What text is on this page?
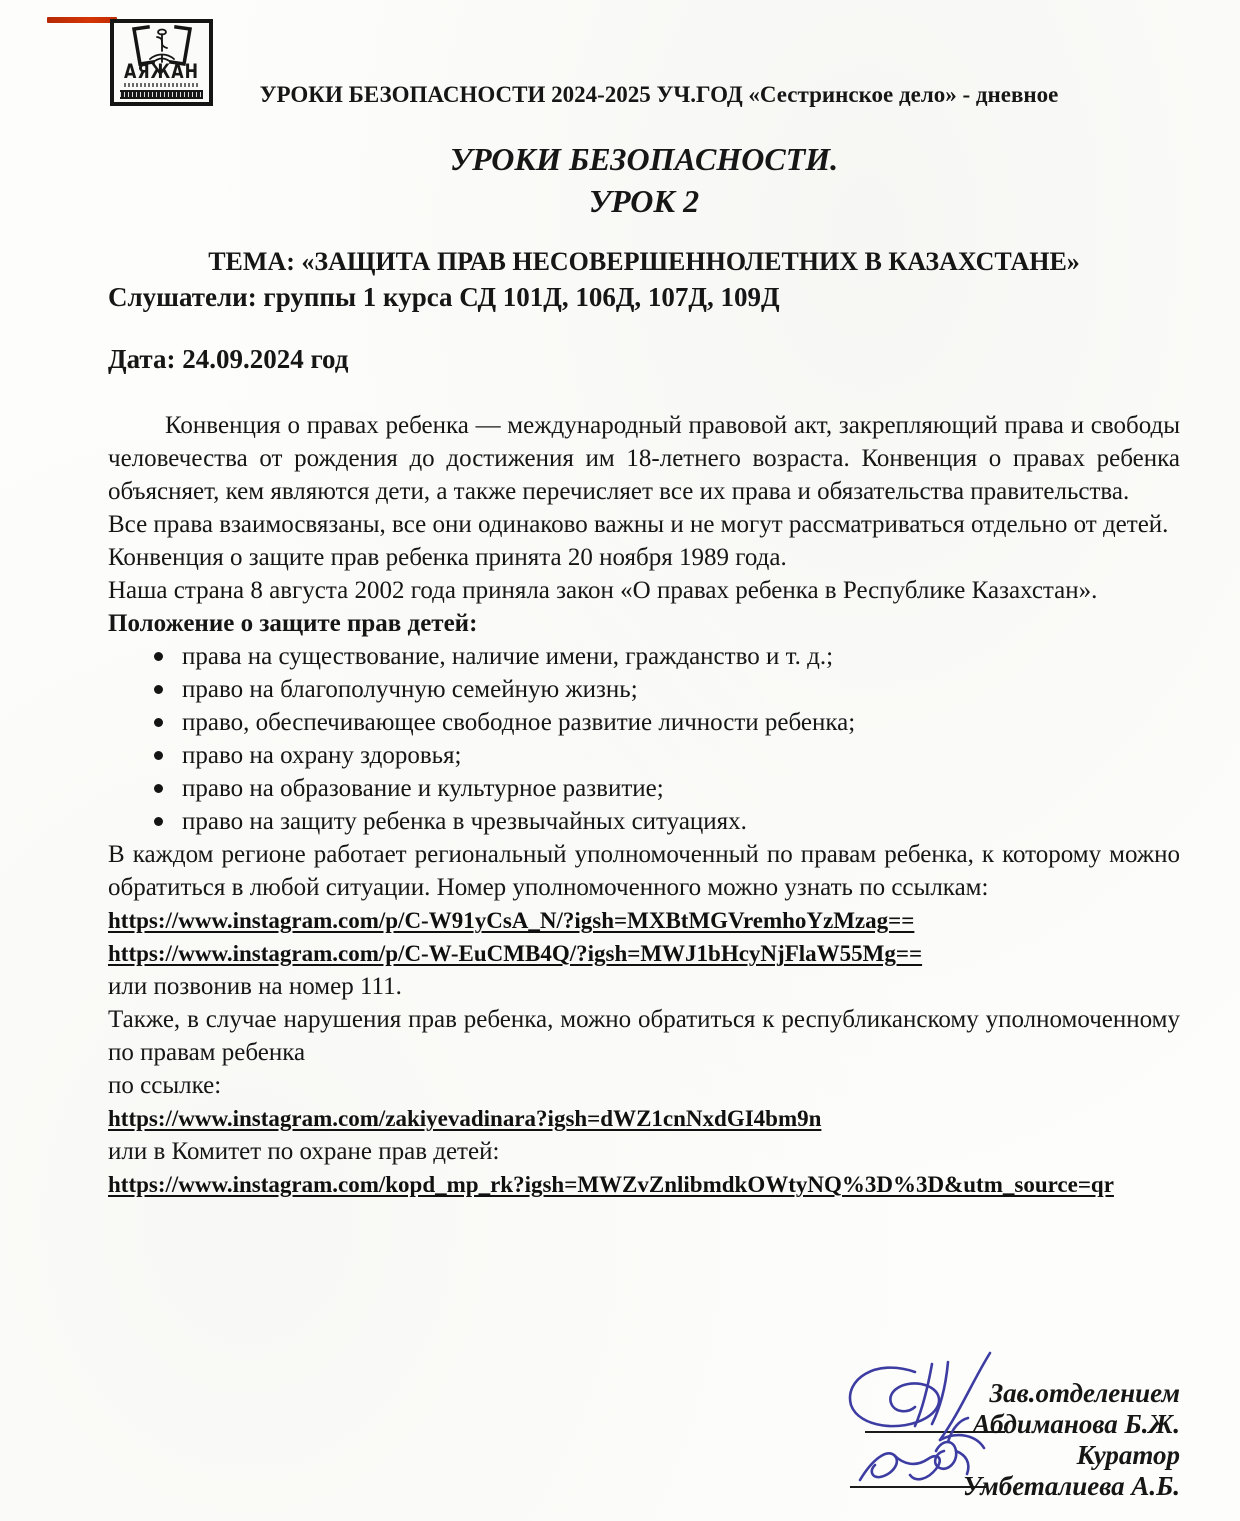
АЯЖАН
УРОКИ БЕЗОПАСНОСТИ 2024-2025 УЧ.ГОД «Сестринское дело» - дневное
УРОКИ БЕЗОПАСНОСТИ.
УРОК 2
ТЕМА: «ЗАЩИТА ПРАВ НЕСОВЕРШЕННОЛЕТНИХ В КАЗАХСТАНЕ»
Слушатели: группы 1 курса СД 101Д, 106Д, 107Д, 109Д
Дата: 24.09.2024 год

Конвенция о правах ребенка — международный правовой акт, закрепляющий права и свободы человечества от рождения до достижения им 18-летнего возраста. Конвенция о правах ребенка объясняет, кем являются дети, а также перечисляет все их права и обязательства правительства.

Все права взаимосвязаны, все они одинаково важны и не могут рассматриваться отдельно от детей.

Конвенция о защите прав ребенка принята 20 ноября 1989 года.

Наша страна 8 августа 2002 года приняла закон «О правах ребенка в Республике Казахстан».

Положение о защите прав детей:

права на существование, наличие имени, гражданство и т. д.;
право на благополучную семейную жизнь;
право, обеспечивающее свободное развитие личности ребенка;
право на охрану здоровья;
право на образование и культурное развитие;
право на защиту ребенка в чрезвычайных ситуациях.

В каждом регионе работает региональный уполномоченный по правам ребенка, к которому можно обратиться в любой ситуации. Номер уполномоченного можно узнать по ссылкам:

https://www.instagram.com/p/C-W91yCsA_N/?igsh=MXBtMGVremhoYzMzag==
https://www.instagram.com/p/C-W-EuCMB4Q/?igsh=MWJ1bHcyNjFlaW55Mg==

или позвонив на номер 111.

Также, в случае нарушения прав ребенка, можно обратиться к республиканскому уполномоченному по правам ребенка

по ссылке:

https://www.instagram.com/zakiyevadinara?igsh=dWZ1cnNxdGI4bm9n

или в Комитет по охране прав детей:

https://www.instagram.com/kopd_mp_rk?igsh=MWZvZnlibmdkOWtyNQ%3D%3D&utm_source=qr
Зав.отделением
Абдиманова Б.Ж.
Куратор
Умбеталиева А.Б.
